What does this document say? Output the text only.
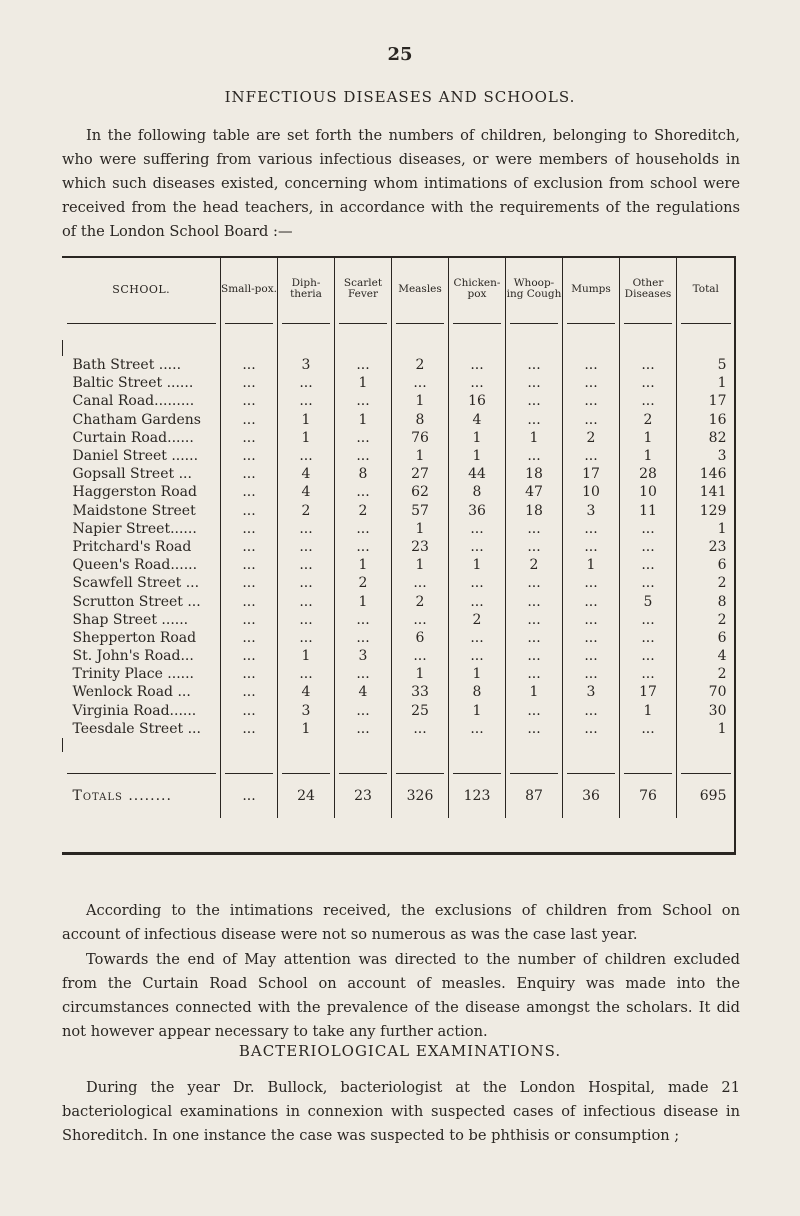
25
INFECTIOUS DISEASES AND SCHOOLS.

In the following table are set forth the numbers of children, belonging to Shoreditch, who were suffering from various infectious diseases, or were members of households in which such diseases existed, concerning whom intimations of exclusion from school were received from the head teachers, in accordance with the requirements of the regulations of the London School Board :—

SCHOOL.	Small-pox.	Diph-theria	Scarlet Fever	Measles	Chicken-pox	Whoop-ing Cough	Mumps	Other Diseases	Total

Bath Street .....	...	3	...	2	...	...	...	...	5
Baltic Street ......	...	...	1	...	...	...	...	...	1
Canal Road.........	...	...	...	1	16	...	...	...	17
Chatham Gardens	...	1	1	8	4	...	...	2	16
Curtain Road......	...	1	...	76	1	1	2	1	82
Daniel Street ......	...	...	...	1	1	...	...	1	3
Gopsall Street ...	...	4	8	27	44	18	17	28	146
Haggerston Road	...	4	...	62	8	47	10	10	141
Maidstone Street	...	2	2	57	36	18	3	11	129
Napier Street......	...	...	...	1	...	...	...	...	1
Pritchard's Road	...	...	...	23	...	...	...	...	23
Queen's Road......	...	...	1	1	1	2	1	...	6
Scawfell Street ...	...	...	2	...	...	...	...	...	2
Scrutton Street ...	...	...	1	2	...	...	...	5	8
Shap Street ......	...	...	...	...	2	...	...	...	2
Shepperton Road	...	...	...	6	...	...	...	...	6
St. John's Road...	...	1	3	...	...	...	...	...	4
Trinity Place ......	...	...	...	1	1	...	...	...	2
Wenlock Road ...	...	4	4	33	8	1	3	17	70
Virginia Road......	...	3	...	25	1	...	...	1	30
Teesdale Street ...	...	1	...	...	...	...	...	...	1

Totals ........	...	24	23	326	123	87	36	76	695

According to the intimations received, the exclusions of children from School on account of infectious disease were not so numerous as was the case last year.

Towards the end of May attention was directed to the number of children excluded from the Curtain Road School on account of measles. Enquiry was made into the circumstances connected with the prevalence of the disease amongst the scholars. It did not however appear necessary to take any further action.

BACTERIOLOGICAL EXAMINATIONS.

During the year Dr. Bullock, bacteriologist at the London Hospital, made 21 bacteriological examinations in connexion with suspected cases of infectious disease in Shoreditch. In one instance the case was suspected to be phthisis or consumption ;
